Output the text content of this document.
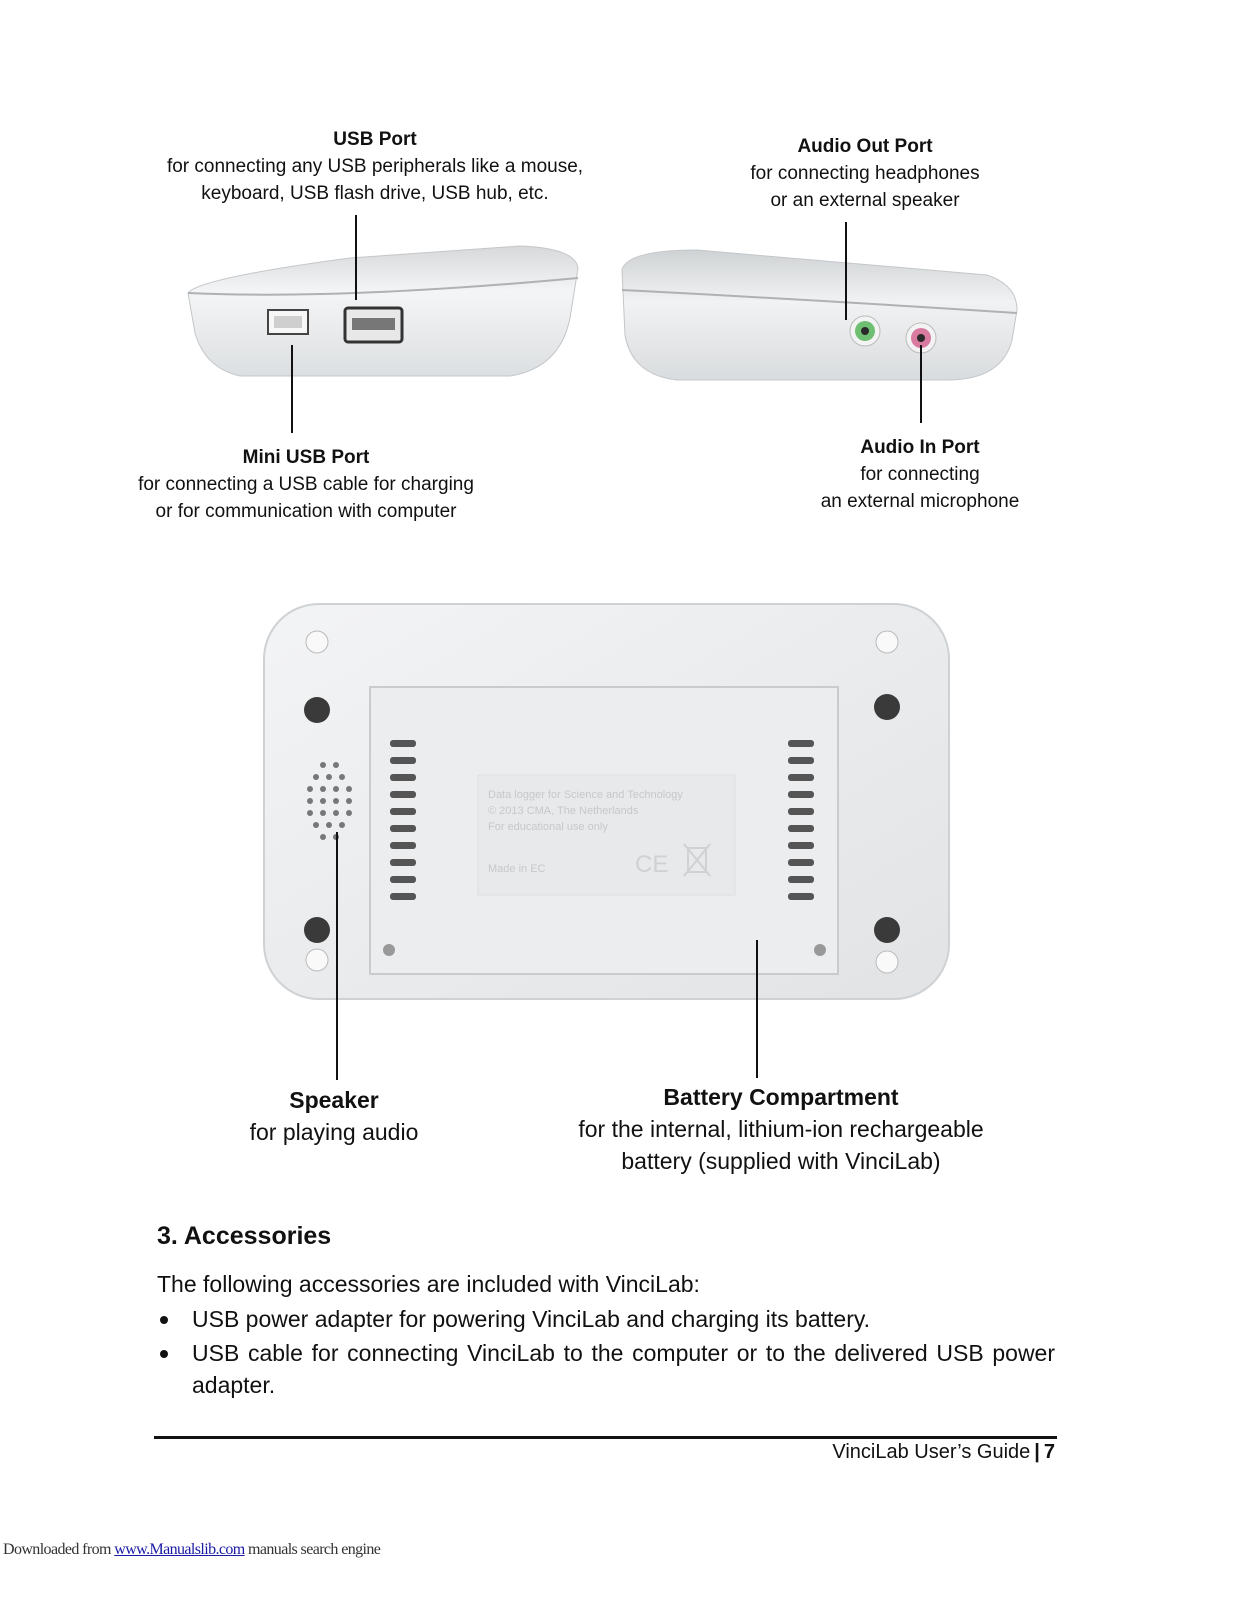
Data logger for Science and Technology
© 2013 CMA, The Netherlands
For educational use only
Made in EC	CE
USB Port
for connecting any USB peripherals like a mouse,
keyboard, USB flash drive, USB hub, etc.
Audio Out Port
for connecting headphones
or an external speaker
Mini USB Port
for connecting a USB cable for charging
or for communication with computer
Audio In Port
for connecting
an external microphone
Speaker
for playing audio
Battery Compartment
for the internal, lithium-ion rechargeable
battery (supplied with VinciLab)
3. Accessories

The following accessories are included with VinciLab:

USB power adapter for powering VinciLab and charging its battery.
USB cable for connecting VinciLab to the computer or to the delivered USB power adapter.
VinciLab User’s Guide | 7
Downloaded from www.Manualslib.com manuals search engine
